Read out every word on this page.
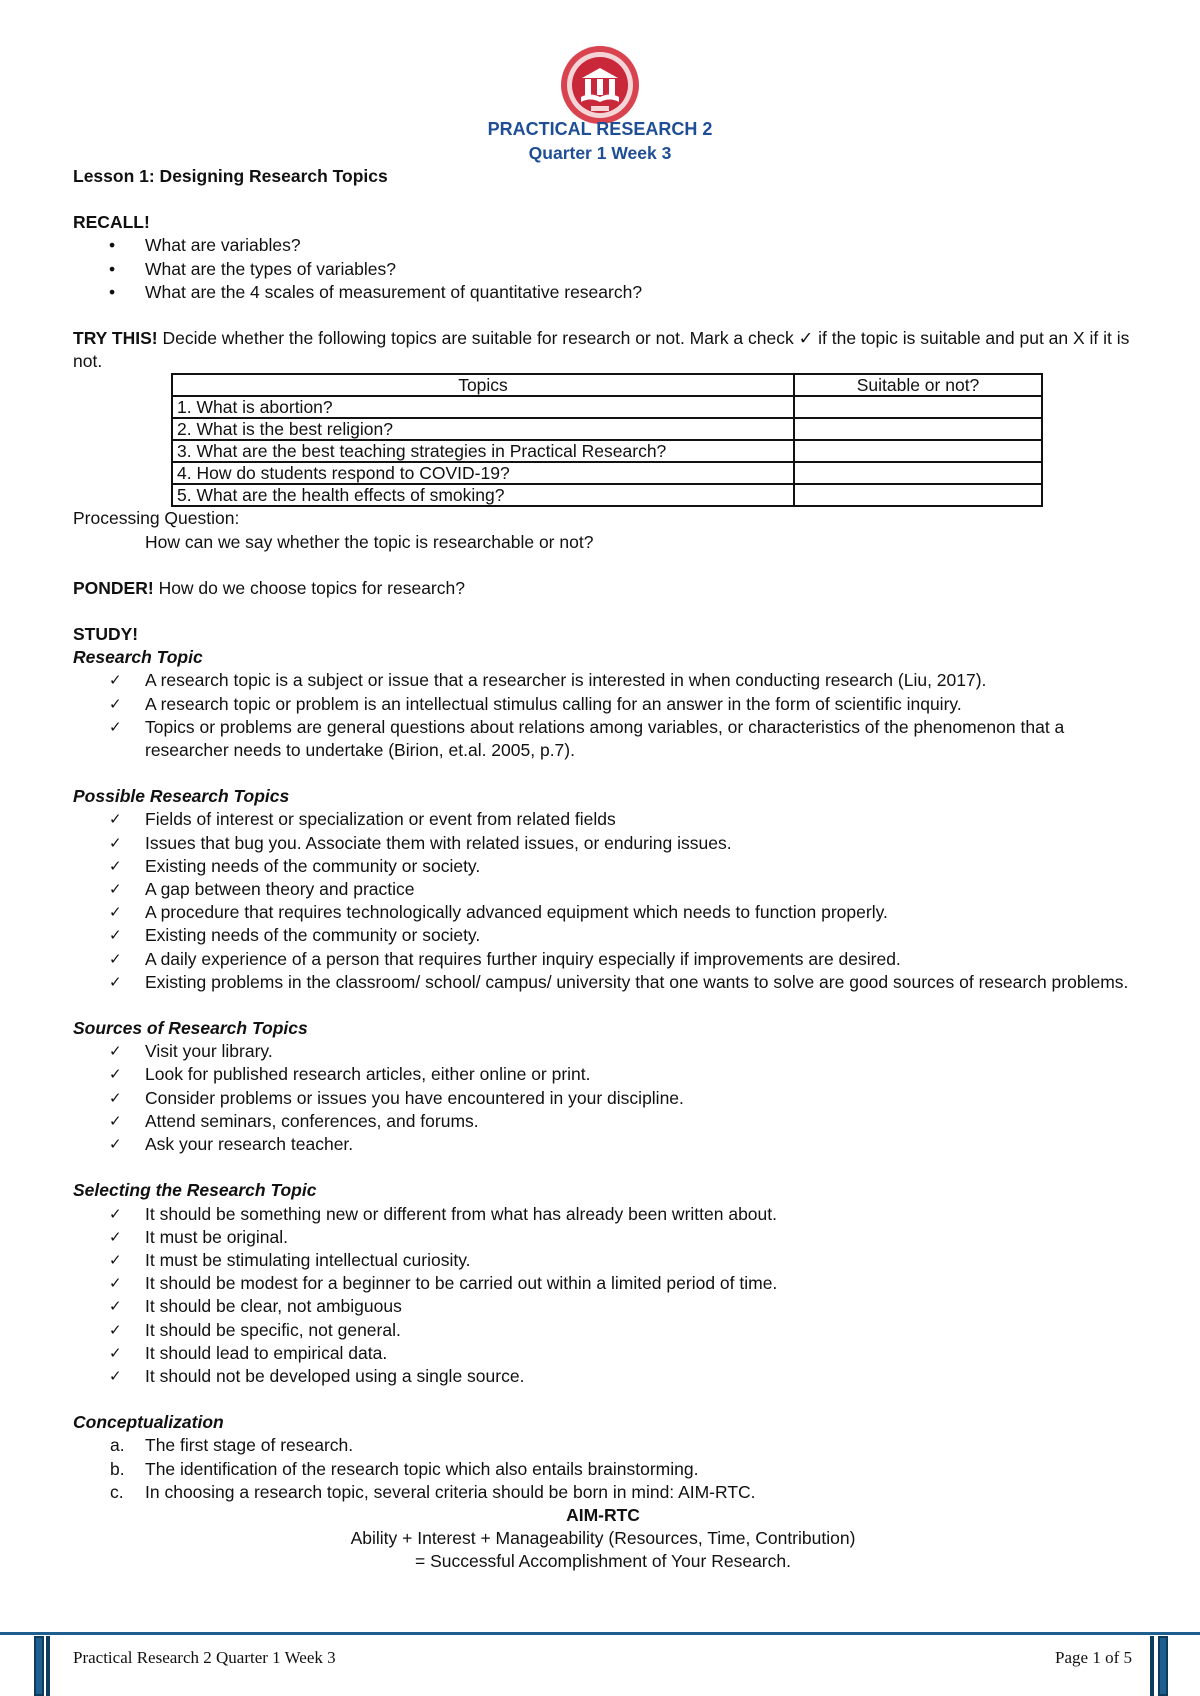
PRACTICAL RESEARCH 2
Quarter 1 Week 3

Lesson 1: Designing Research Topics

RECALL!

• What are variables?
• What are the types of variables?
• What are the 4 scales of measurement of quantitative research?

TRY THIS! Decide whether the following topics are suitable for research or not. Mark a check ✓ if the topic is suitable and put an X if it is not.

Topics	Suitable or not?
1. What is abortion?	
2. What is the best religion?	
3. What are the best teaching strategies in Practical Research?	
4. How do students respond to COVID-19?	
5. What are the health effects of smoking?	

Processing Question:

How can we say whether the topic is researchable or not?

PONDER! How do we choose topics for research?

STUDY!

Research Topic

✓ A research topic is a subject or issue that a researcher is interested in when conducting research (Liu, 2017).
✓ A research topic or problem is an intellectual stimulus calling for an answer in the form of scientific inquiry.
✓ Topics or problems are general questions about relations among variables, or characteristics of the phenomenon that a researcher needs to undertake (Birion, et.al. 2005, p.7).

Possible Research Topics

✓ Fields of interest or specialization or event from related fields
✓ Issues that bug you. Associate them with related issues, or enduring issues.
✓ Existing needs of the community or society.
✓ A gap between theory and practice
✓ A procedure that requires technologically advanced equipment which needs to function properly.
✓ Existing needs of the community or society.
✓ A daily experience of a person that requires further inquiry especially if improvements are desired.
✓ Existing problems in the classroom/ school/ campus/ university that one wants to solve are good sources of research problems.

Sources of Research Topics

✓ Visit your library.
✓ Look for published research articles, either online or print.
✓ Consider problems or issues you have encountered in your discipline.
✓ Attend seminars, conferences, and forums.
✓ Ask your research teacher.

Selecting the Research Topic

✓ It should be something new or different from what has already been written about.
✓ It must be original.
✓ It must be stimulating intellectual curiosity.
✓ It should be modest for a beginner to be carried out within a limited period of time.
✓ It should be clear, not ambiguous
✓ It should be specific, not general.
✓ It should lead to empirical data.
✓ It should not be developed using a single source.

Conceptualization

a. The first stage of research.
b. The identification of the research topic which also entails brainstorming.
c. In choosing a research topic, several criteria should be born in mind: AIM-RTC.

AIM-RTC

Ability + Interest + Manageability (Resources, Time, Contribution)

= Successful Accomplishment of Your Research.

Practical Research 2 Quarter 1 Week 3	Page 1 of 5
